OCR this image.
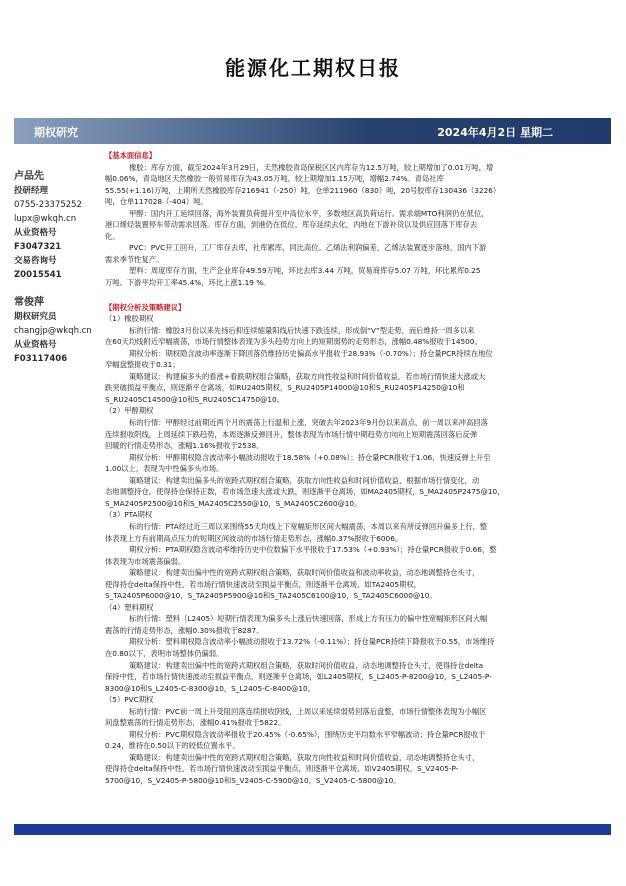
能源化工期权日报
期权研究	2024年4月2日 星期二
卢品先
投研经理
0755-23375252
lupx@wkqh.cn
从业资格号
F3047321
交易咨询号
Z0015541
常俊萍
期权研究员
changjp@wkqh.cn
从业资格号
F03117406
【基本面信息】
橡胶：库存方面，截至2024年3月29日，天然橡胶青岛保税区区内库存为12.5万吨，较上期增加了0.01万吨，增
幅0.06%，青岛地区天然橡胶一般贸易库存为43.05万吨，较上期增加1.15万吨，增幅2.74%。青岛社库
55.55(+1.16)万吨，上期所天然橡胶库存216941（-250）吨，仓单211960（830）吨，20号胶库存130436（3226）
吨，仓单117028（-404）吨。
甲醇：国内开工延续回落，海外装置负荷提升至中高位水平，多数地区高负荷运行。需求端MTO利润仍在低位，
港口烯烃装置停车带动需求回落。库存方面，到港仍在低位，库存延续去化，内地在下游补货以及供应回落下库存去
化。
PVC：PVC开工回升，工厂库存去库，社库累库，同比高位。乙烯法利润偏差，乙烯法装置逐步落地。国内下游
需求季节性复产。
塑料：周度库存方面，生产企业库存49.59万吨，环比去库3.44 万吨，贸易商库存5.07 万吨，环比累库0.25
万吨。下游平均开工率45.4%，环比上涨1.19 %。
【期权分析及策略建议】
（1）橡胶期权
标的行情：橡胶3月份以来先扬后抑连续缩量阳线后快速下跌连续，形成倒“V”型走势，而后维持一周多以来
在60天均线附近窄幅震荡，市场行情整体表现为多头趋势方向上的短期弱势的走势形态，涨幅0.48%报收于14500。
期权分析：期权隐含波动率逐渐下降回落仍维持历史偏高水平报收于28.93%（-0.70%）；持仓量PCR持续在地位
窄幅盘整报收于0.31；
策略建议：构建偏多头的看涨+看跌期权组合策略，获取方向性收益和时间价值收益，若市场行情快速大涨或大
跌突破损益平衡点，则逐渐平仓离场，如RU2405期权，S_RU2405P14000@10和S_RU2405P14250@10和
S_RU2405C14500@10和S_RU2405C14750@10。
（2）甲醇期权
标的行情：甲醇经过前期近两个月的震荡上行温和上涨，突破去年2023年9月份以来高点，前一周以来冲高回落
连续报收阴线，上周延续下跌趋势，本周逐渐反弹回升，整体表现为市场行情中期趋势方向向上短期震荡回落后反弹
回暖的行情走势形态，涨幅1.16%报收于2538。
期权分析：甲醇期权隐含波动率小幅波动报收于18.58%（+0.08%）；持仓量PCR报收于1.06，快速反弹上升至
1.00以上，表现为中性偏多头市场。
策略建议：构建卖出偏多头的宽跨式期权组合策略，获取方向性收益和时间价值收益，根据市场行情变化，动
态地调整持仓，使得持仓保持正数，若市场急速大涨或大跌，则逐渐平仓离场，如MA2405期权，S_MA2405P2475@10，
S_MA2405P2500@10和S_MA2405C2550@10，S_MA2405C2600@10。
（3）PTA期权
标的行情：PTA经过近三周以来围绕55天均线上下宽幅矩形区间大幅震荡，本周以来有所反弹回升偏多上行，整
体表现上方有前期高点压力的短期区间波动的市场行情走势形态，涨幅0.37%报收于6006。
期权分析：PTA期权隐含波动率维持历史中位数偏下水平报收于17.53%（+0.93%）；持仓量PCR报收于0.66，整
体表现为市场震荡偏弱。
策略建议：构建卖出偏中性的宽跨式期权组合策略，获取时间价值收益和波动率收益，动态地调整持仓头寸，
使得持仓delta保持中性，若市场行情快速波动至损益平衡点，则逐渐平仓离场，如TA2405期权，
S_TA2405P6000@10，S_TA2405P5900@10和S_TA2405C6100@10，S_TA2405C6000@10。
（4）塑料期权
标的行情：塑料（L2405）短期行情表现为偏多头上涨后快速回落，形成上方有压力的偏中性宽幅矩形区间大幅
震荡的行情走势形态，涨幅0.30%报收于8287。
期权分析：塑料期权隐含波动率小幅波动报收于13.72%（-0.11%）；持仓量PCR持续下降报收于0.55，市场维持
在0.80以下，表明市场整体仍偏弱。
策略建议：构建卖出偏中性的宽跨式期权组合策略，获取时间价值收益，动态地调整持仓头寸，使得持仓delta
保持中性，若市场行情快速波动至损益平衡点，则逐渐平仓离场，如L2405期权，S_L2405-P-8200@10，S_L2405-P-
8300@10和S_L2405-C-8300@10，S_L2405-C-8400@10。
（5）PVC期权
标的行情：PVC前一周上升受阻回落连续报收阴线，上周以来延续弱势回落后盘整，市场行情整体表现为小幅区
间盘整震荡的行情走势形态，涨幅0.41%报收于5822。
期权分析：PVC期权隐含波动率报收于20.45%（-0.65%），围绕历史平均数水平窄幅波动；持仓量PCR报收于
0.24，维持在0.50以下的较低位置水平。
策略建议：构建卖出偏中性的宽跨式期权组合策略，获取方向性收益和时间价值收益，动态地调整持仓头寸，
使得持仓delta保持中性，若市场行情快速波动至损益平衡点，则逐渐平仓离场，如V2405期权，S_V2405-P-
5700@10，S_V2405-P-5800@10和S_V2405-C-5900@10，S_V2405-C-5800@10。
